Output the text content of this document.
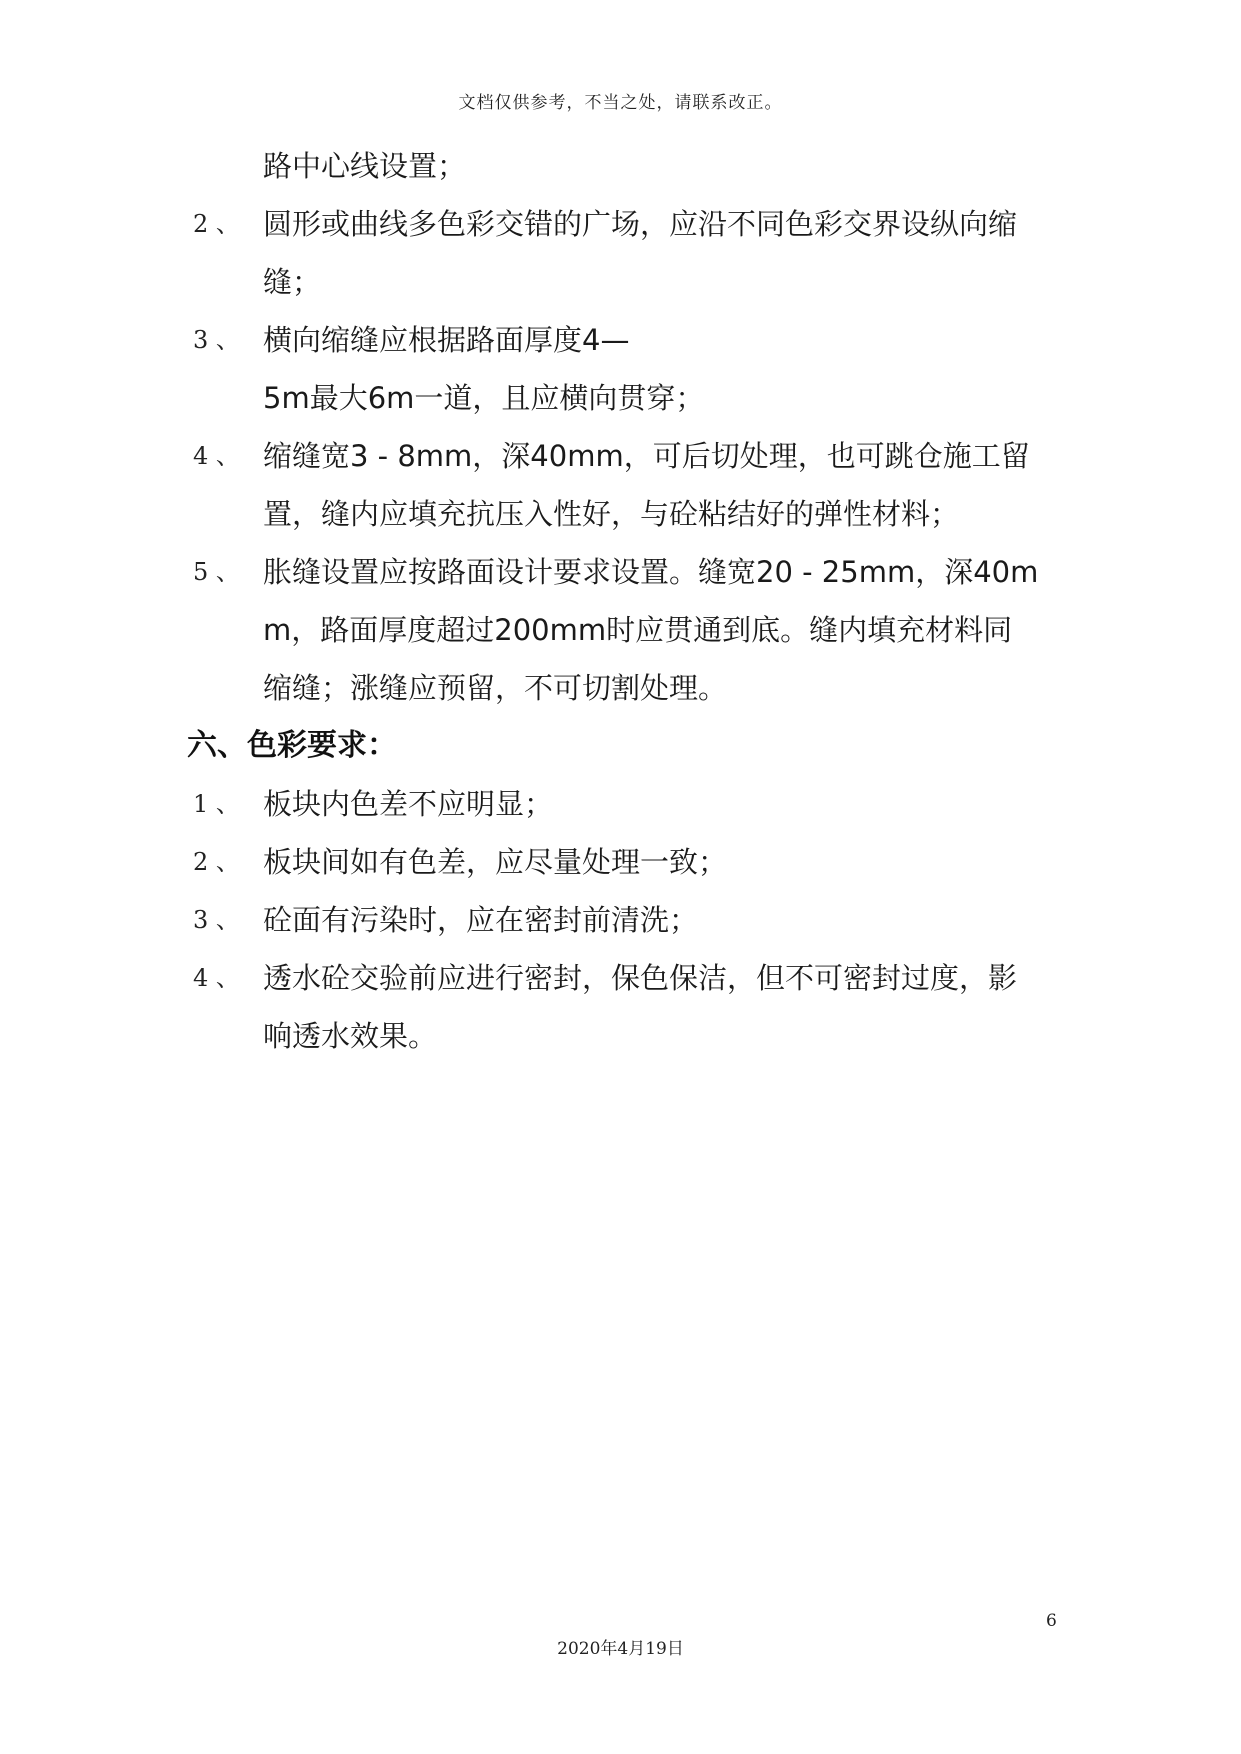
文档仅供参考，不当之处，请联系改正。
路中心线设置；
2 、 圆形或曲线多色彩交错的广场，应沿不同色彩交界设纵向缩
缝；
3 、 横向缩缝应根据路面厚度4—
5m最大6m一道，且应横向贯穿；
4 、 缩缝宽3 - 8mm，深40mm，可后切处理，也可跳仓施工留
置，缝内应填充抗压入性好，与砼粘结好的弹性材料；
5 、 胀缝设置应按路面设计要求设置。缝宽20 - 25mm，深40m
m，路面厚度超过200mm时应贯通到底。缝内填充材料同
缩缝；涨缝应预留，不可切割处理。
六、色彩要求：
1 、 板块内色差不应明显；
2 、 板块间如有色差，应尽量处理一致；
3 、 砼面有污染时，应在密封前清洗；
4 、 透水砼交验前应进行密封，保色保洁，但不可密封过度，影
响透水效果。
6
2020年4月19日
